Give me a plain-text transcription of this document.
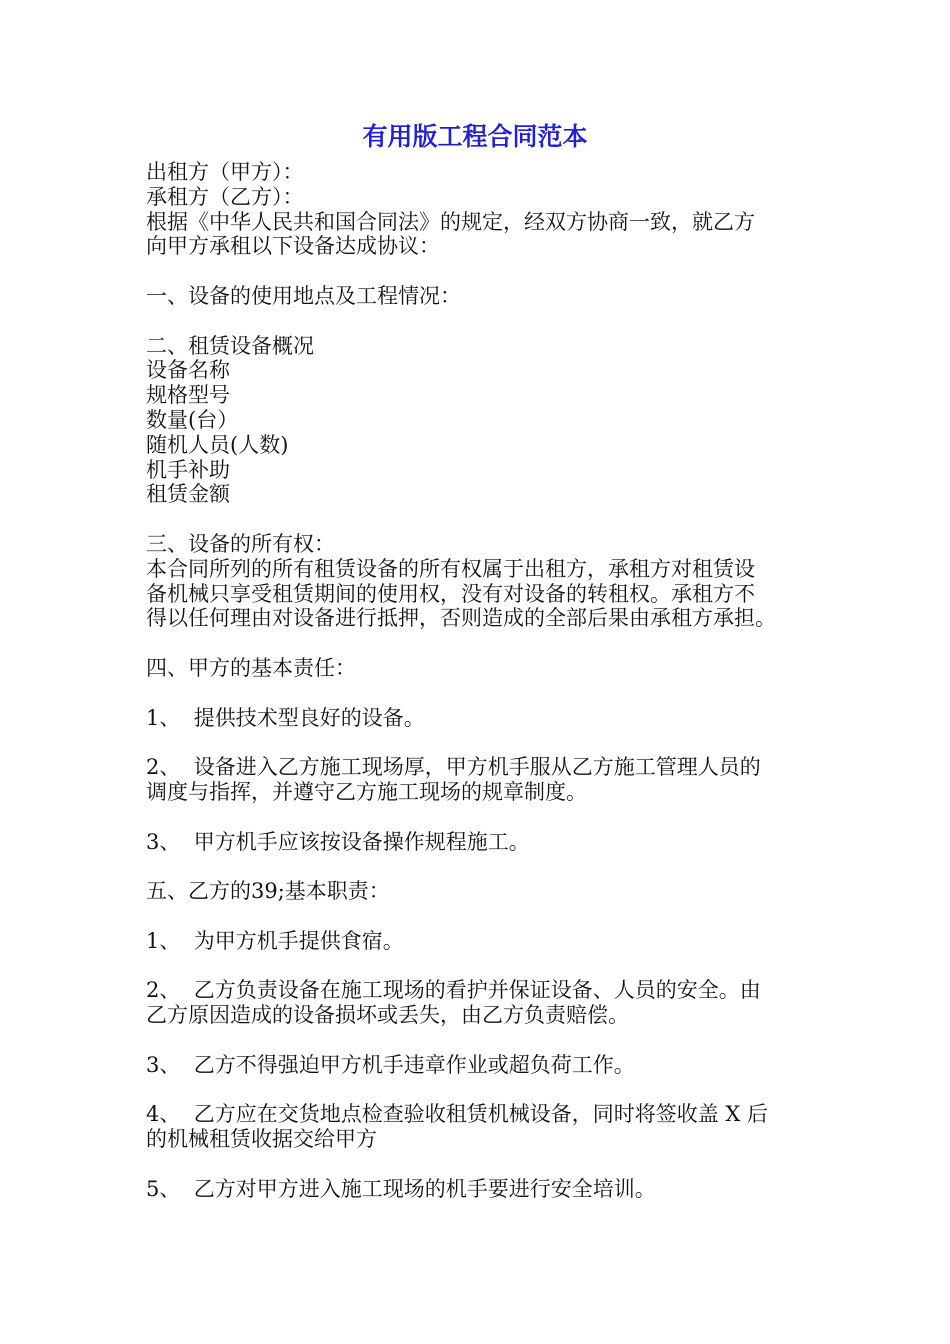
有用版工程合同范本
出租方（甲方）：
承租方（乙方）：
根据《中华人民共和国合同法》的规定，经双方协商一致，就乙方
向甲方承租以下设备达成协议：
一、设备的使用地点及工程情况：
二、租赁设备概况
设备名称
规格型号
数量(台）
随机人员(人数)
机手补助
租赁金额
三、设备的所有权：
本合同所列的所有租赁设备的所有权属于出租方，承租方对租赁设
备机械只享受租赁期间的使用权，没有对设备的转租权。承租方不
得以任何理由对设备进行抵押，否则造成的全部后果由承租方承担。
四、甲方的基本责任：
1、  提供技术型良好的设备。
2、  设备进入乙方施工现场厚，甲方机手服从乙方施工管理人员的
调度与指挥，并遵守乙方施工现场的规章制度。
3、  甲方机手应该按设备操作规程施工。
五、乙方的39;基本职责：
1、  为甲方机手提供食宿。
2、  乙方负责设备在施工现场的看护并保证设备、人员的安全。由
乙方原因造成的设备损坏或丢失，由乙方负责赔偿。
3、  乙方不得强迫甲方机手违章作业或超负荷工作。
4、  乙方应在交货地点检查验收租赁机械设备，同时将签收盖 X 后
的机械租赁收据交给甲方
5、  乙方对甲方进入施工现场的机手要进行安全培训。
